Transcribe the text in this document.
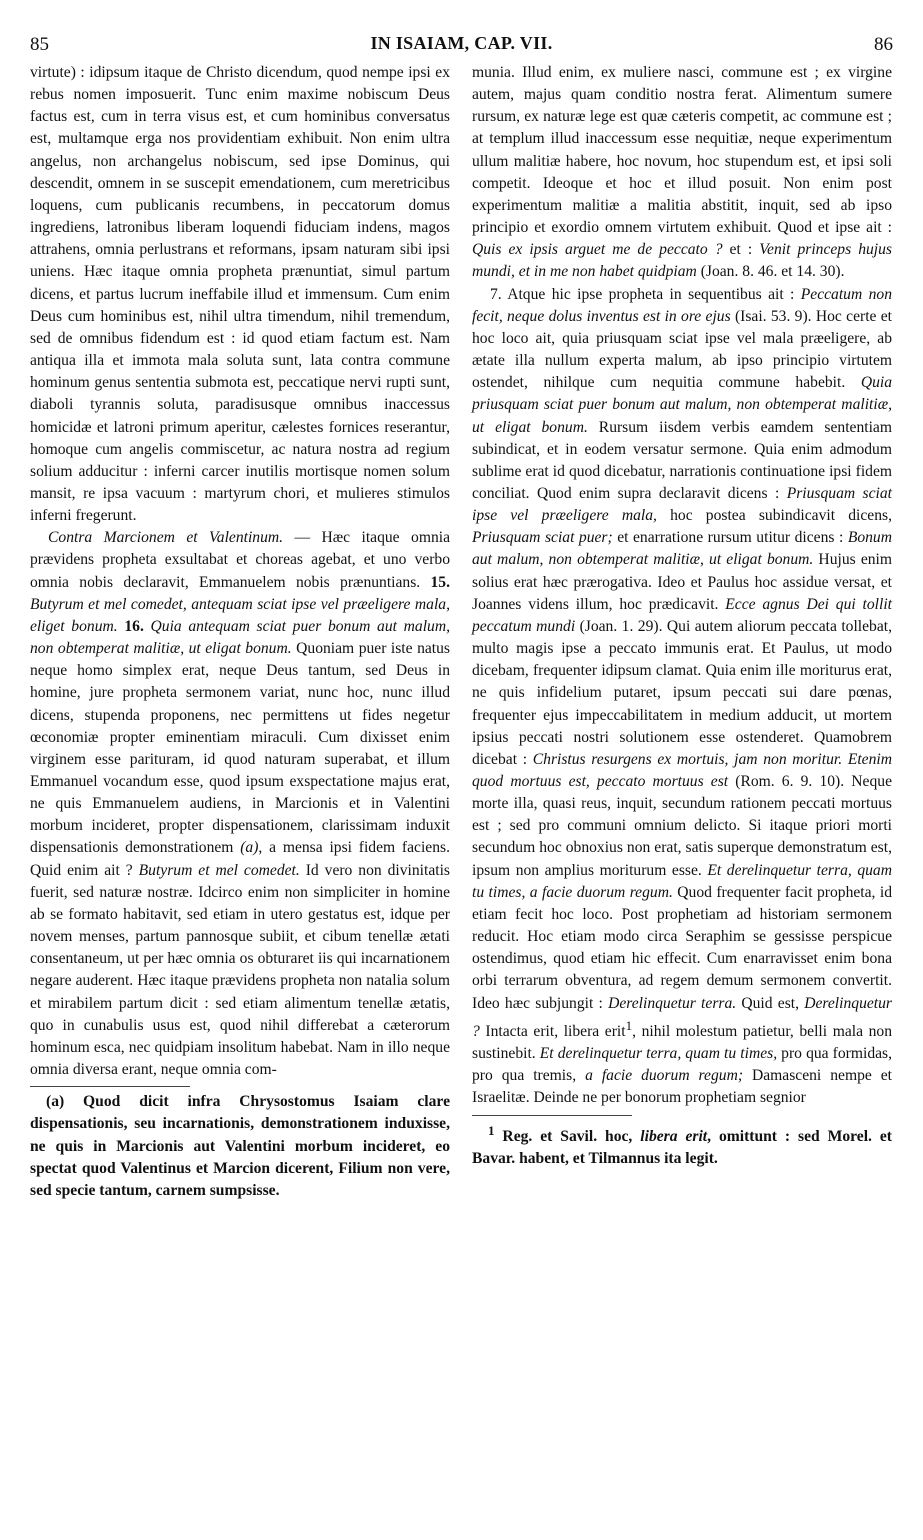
85	IN ISAIAM, CAP. VII.	86

virtute) : idipsum itaque de Christo dicendum, quod nempe ipsi ex rebus nomen imposuerit. Tunc enim maxime nobiscum Deus factus est, cum in terra visus est, et cum hominibus conversatus est, multamque erga nos providentiam exhibuit. Non enim ultra angelus, non archangelus nobiscum, sed ipse Dominus, qui descendit, omnem in se suscepit emendationem, cum meretricibus loquens, cum publicanis recumbens, in peccatorum domus ingrediens, latronibus liberam loquendi fiduciam indens, magos attrahens, omnia perlustrans et reformans, ipsam naturam sibi ipsi uniens. Hæc itaque omnia propheta prænuntiat, simul partum dicens, et partus lucrum ineffabile illud et immensum. Cum enim Deus cum hominibus est, nihil ultra timendum, nihil tremendum, sed de omnibus fidendum est : id quod etiam factum est. Nam antiqua illa et immota mala soluta sunt, lata contra commune hominum genus sententia submota est, peccatique nervi rupti sunt, diaboli tyrannis soluta, paradisusque omnibus inaccessus homicidæ et latroni primum aperitur, cælestes fornices reserantur, homoque cum angelis commiscetur, ac natura nostra ad regium solium adducitur : inferni carcer inutilis mortisque nomen solum mansit, re ipsa vacuum : martyrum chori, et mulieres stimulos inferni fregerunt.

Contra Marcionem et Valentinum. — Hæc itaque omnia prævidens propheta exsultabat et choreas agebat, et uno verbo omnia nobis declaravit, Emmanuelem nobis prænuntians. 15. Butyrum et mel comedet, antequam sciat ipse vel præeligere mala, eliget bonum. 16. Quia antequam sciat puer bonum aut malum, non obtemperat malitiæ, ut eligat bonum. Quoniam puer iste natus neque homo simplex erat, neque Deus tantum, sed Deus in homine, jure propheta sermonem variat, nunc hoc, nunc illud dicens, stupenda proponens, nec permittens ut fides negetur œconomiæ propter eminentiam miraculi. Cum dixisset enim virginem esse parituram, id quod naturam superabat, et illum Emmanuel vocandum esse, quod ipsum exspectatione majus erat, ne quis Emmanuelem audiens, in Marcionis et in Valentini morbum incideret, propter dispensationem, clarissimam induxit dispensationis demonstrationem (a), a mensa ipsi fidem faciens. Quid enim ait ? Butyrum et mel comedet. Id vero non divinitatis fuerit, sed naturæ nostræ. Idcirco enim non simpliciter in homine ab se formato habitavit, sed etiam in utero gestatus est, idque per novem menses, partum pannosque subiit, et cibum tenellæ ætati consentaneum, ut per hæc omnia os obturaret iis qui incarnationem negare auderent. Hæc itaque prævidens propheta non natalia solum et mirabilem partum dicit : sed etiam alimentum tenellæ ætatis, quo in cunabulis usus est, quod nihil differebat a cæterorum hominum esca, nec quidpiam insolitum habebat. Nam in illo neque omnia diversa erant, neque omnia com-

(a) Quod dicit infra Chrysostomus Isaiam clare dispensationis, seu incarnationis, demonstrationem induxisse, ne quis in Marcionis aut Valentini morbum incideret, eo spectat quod Valentinus et Marcion dicerent, Filium non vere, sed specie tantum, carnem sumpsisse.

munia. Illud enim, ex muliere nasci, commune est ; ex virgine autem, majus quam conditio nostra ferat. Alimentum sumere rursum, ex naturæ lege est quæ cæteris competit, ac commune est ; at templum illud inaccessum esse nequitiæ, neque experimentum ullum malitiæ habere, hoc novum, hoc stupendum est, et ipsi soli competit. Ideoque et hoc et illud posuit. Non enim post experimentum malitiæ a malitia abstitit, inquit, sed ab ipso principio et exordio omnem virtutem exhibuit. Quod et ipse ait : Quis ex ipsis arguet me de peccato ? et : Venit princeps hujus mundi, et in me non habet quidpiam (Joan. 8. 46. et 14. 30).

7. Atque hic ipse propheta in sequentibus ait : Peccatum non fecit, neque dolus inventus est in ore ejus (Isai. 53. 9). Hoc certe et hoc loco ait, quia priusquam sciat ipse vel mala præeligere, ab ætate illa nullum experta malum, ab ipso principio virtutem ostendet, nihilque cum nequitia commune habebit. Quia priusquam sciat puer bonum aut malum, non obtemperat malitiæ, ut eligat bonum. Rursum iisdem verbis eamdem sententiam subindicat, et in eodem versatur sermone. Quia enim admodum sublime erat id quod dicebatur, narrationis continuatione ipsi fidem conciliat. Quod enim supra declaravit dicens : Priusquam sciat ipse vel præeligere mala, hoc postea subindicavit dicens, Priusquam sciat puer; et enarratione rursum utitur dicens : Bonum aut malum, non obtemperat malitiæ, ut eligat bonum. Hujus enim solius erat hæc prærogativa. Ideo et Paulus hoc assidue versat, et Joannes videns illum, hoc prædicavit. Ecce agnus Dei qui tollit peccatum mundi (Joan. 1. 29). Qui autem aliorum peccata tollebat, multo magis ipse a peccato immunis erat. Et Paulus, ut modo dicebam, frequenter idipsum clamat. Quia enim ille moriturus erat, ne quis infidelium putaret, ipsum peccati sui dare pœnas, frequenter ejus impeccabilitatem in medium adducit, ut mortem ipsius peccati nostri solutionem esse ostenderet. Quamobrem dicebat : Christus resurgens ex mortuis, jam non moritur. Etenim quod mortuus est, peccato mortuus est (Rom. 6. 9. 10). Neque morte illa, quasi reus, inquit, secundum rationem peccati mortuus est ; sed pro communi omnium delicto. Si itaque priori morti secundum hoc obnoxius non erat, satis superque demonstratum est, ipsum non amplius moriturum esse. Et derelinquetur terra, quam tu times, a facie duorum regum. Quod frequenter facit propheta, id etiam fecit hoc loco. Post prophetiam ad historiam sermonem reducit. Hoc etiam modo circa Seraphim se gessisse perspicue ostendimus, quod etiam hic effecit. Cum enarravisset enim bona orbi terrarum obventura, ad regem demum sermonem convertit. Ideo hæc subjungit : Derelinquetur terra. Quid est, Derelinquetur ? Intacta erit, libera erit$^1$, nihil molestum patietur, belli mala non sustinebit. Et derelinquetur terra, quam tu times, pro qua formidas, pro qua tremis, a facie duorum regum; Damasceni nempe et Israelitæ. Deinde ne per bonorum prophetiam segnior

$^1$ Reg. et Savil. hoc, libera erit, omittunt : sed Morel. et Bavar. habent, et Tilmannus ita legit.
